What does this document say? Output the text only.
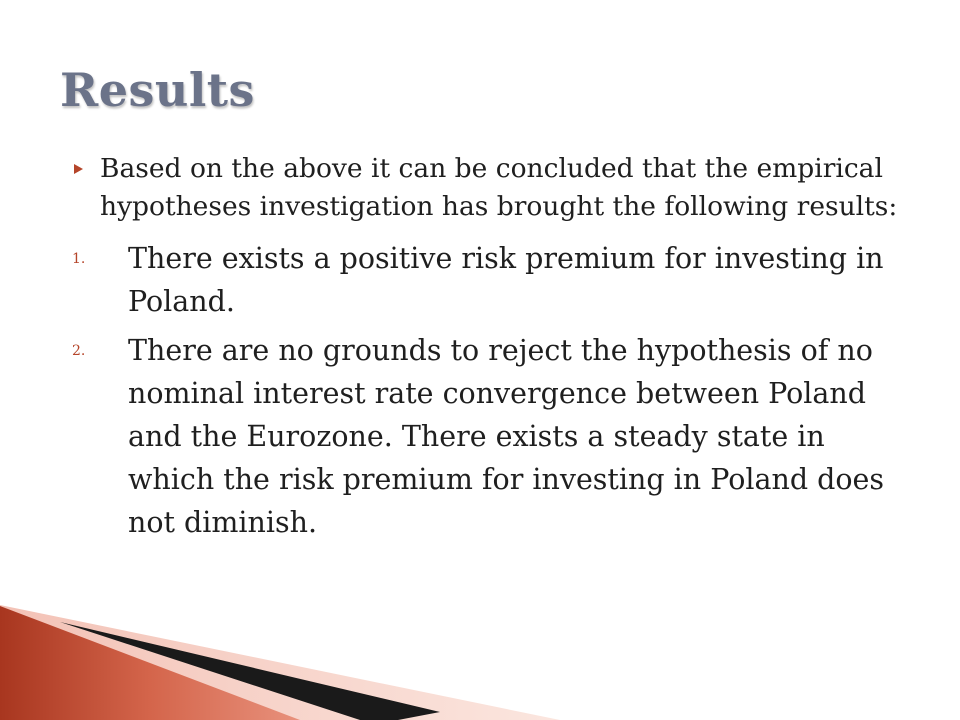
Results

Based on the above it can be concluded that the empirical hypotheses investigation has brought the following results:

1. There exists a positive risk premium for investing in Poland.

2. There are no grounds to reject the hypothesis of no nominal interest rate convergence between Poland and the Eurozone. There exists a steady state in which the risk premium for investing in Poland does not diminish.
